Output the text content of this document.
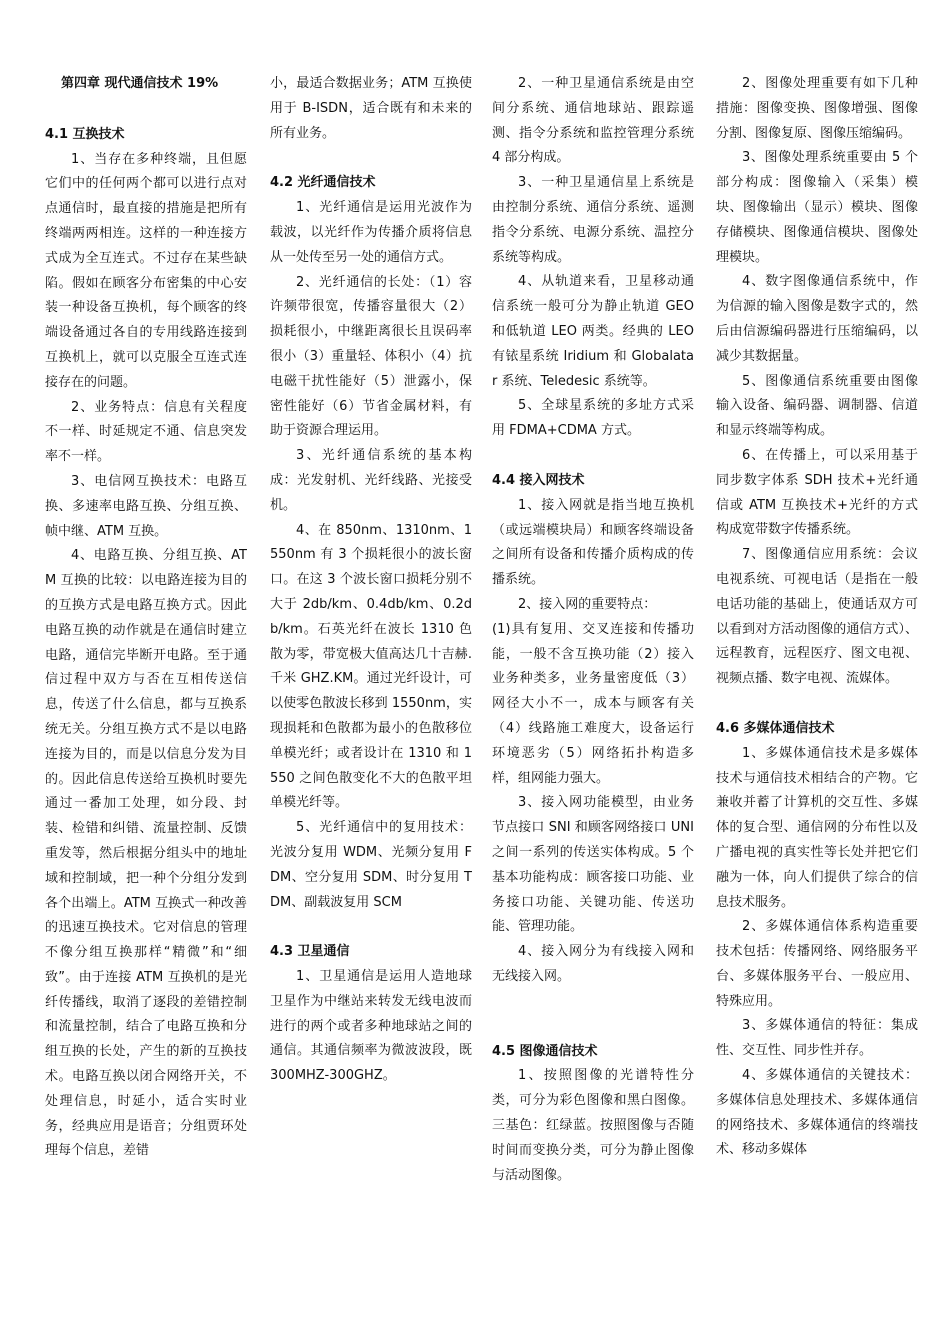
第四章 现代通信技术 19%
4.1 互换技术
1、当存在多种终端，且但愿它们中的任何两个都可以进行点对点通信时，最直接的措施是把所有终端两两相连。这样的一种连接方式成为全互连式。不过存在某些缺陷。假如在顾客分布密集的中心安装一种设备互换机，每个顾客的终端设备通过各自的专用线路连接到互换机上，就可以克服全互连式连接存在的问题。
2、业务特点：信息有关程度不一样、时延规定不通、信息突发率不一样。
3、电信网互换技术：电路互换、多速率电路互换、分组互换、帧中继、ATM 互换。
4、电路互换、分组互换、ATM 互换的比较：以电路连接为目的的互换方式是电路互换方式。因此电路互换的动作就是在通信时建立电路，通信完毕断开电路。至于通信过程中双方与否在互相传送信息，传送了什么信息，都与互换系统无关。分组互换方式不是以电路连接为目的，而是以信息分发为目的。因此信息传送给互换机时要先通过一番加工处理，如分段、封装、检错和纠错、流量控制、反馈重发等，然后根据分组头中的地址域和控制域，把一种个分组分发到各个出端上。ATM 互换式一种改善的迅速互换技术。它对信息的管理不像分组互换那样“精微”和“细致”。由于连接 ATM 互换机的是光纤传播线，取消了逐段的差错控制和流量控制，结合了电路互换和分组互换的长处，产生的新的互换技术。电路互换以闭合网络开关，不处理信息，时延小，适合实时业务，经典应用是语音；分组贾环处理每个信息，差错
小，最适合数据业务；ATM 互换使用于 B-ISDN，适合既有和未来的所有业务。
4.2 光纤通信技术
1、光纤通信是运用光波作为载波，以光纤作为传播介质将信息从一处传至另一处的通信方式。
2、光纤通信的长处：（1）容许频带很宽，传播容量很大（2）损耗很小，中继距离很长且误码率很小（3）重量轻、体积小（4）抗电磁干扰性能好（5）泄露小，保密性能好（6）节省金属材料，有助于资源合理运用。
3、光纤通信系统的基本构成：光发射机、光纤线路、光接受机。
4、在 850nm、1310nm、1550nm 有 3 个损耗很小的波长窗口。在这 3 个波长窗口损耗分别不大于 2db/km、0.4db/km、0.2db/km。石英光纤在波长 1310 色散为零，带宽极大值高达几十吉赫.千米 GHZ.KM。通过光纤设计，可以使零色散波长移到 1550nm，实现损耗和色散都为最小的色散移位单模光纤；或者设计在 1310 和 1550 之间色散变化不大的色散平坦单模光纤等。
5、光纤通信中的复用技术：光波分复用 WDM、光频分复用 FDM、空分复用 SDM、时分复用 TDM、副载波复用 SCM
4.3 卫星通信
1、卫星通信是运用人造地球卫星作为中继站来转发无线电波而进行的两个或者多种地球站之间的通信。其通信频率为微波波段，既 300MHZ-300GHZ。
2、一种卫星通信系统是由空间分系统、通信地球站、跟踪遥测、指令分系统和监控管理分系统 4 部分构成。
3、一种卫星通信星上系统是由控制分系统、通信分系统、遥测指令分系统、电源分系统、温控分系统等构成。
4、从轨道来看，卫星移动通信系统一般可分为静止轨道 GEO 和低轨道 LEO 两类。经典的 LEO 有铱星系统 Iridium 和 Globalatar 系统、Teledesic 系统等。
5、全球星系统的多址方式采用 FDMA+CDMA 方式。
4.4 接入网技术
1、接入网就是指当地互换机（或远端模块局）和顾客终端设备之间所有设备和传播介质构成的传播系统。
2、接入网的重要特点：
(1)具有复用、交叉连接和传播功能，一般不含互换功能（2）接入业务种类多，业务量密度低（3）网径大小不一，成本与顾客有关（4）线路施工难度大，设备运行环境恶劣（5）网络拓扑构造多样，组网能力强大。
3、接入网功能模型，由业务节点接口 SNI 和顾客网络接口 UNI 之间一系列的传送实体构成。5 个基本功能构成：顾客接口功能、业务接口功能、关键功能、传送功能、管理功能。
4、接入网分为有线接入网和无线接入网。
4.5 图像通信技术
1、按照图像的光谱特性分类，可分为彩色图像和黑白图像。三基色：红绿蓝。按照图像与否随时间而变换分类，可分为静止图像与活动图像。
2、图像处理重要有如下几种措施：图像变换、图像增强、图像分割、图像复原、图像压缩编码。
3、图像处理系统重要由 5 个部分构成：图像输入（采集）模块、图像输出（显示）模块、图像存储模块、图像通信模块、图像处理模块。
4、数字图像通信系统中，作为信源的输入图像是数字式的，然后由信源编码器进行压缩编码，以减少其数据量。
5、图像通信系统重要由图像输入设备、编码器、调制器、信道和显示终端等构成。
6、在传播上，可以采用基于同步数字体系 SDH 技术+光纤通信或 ATM 互换技术+光纤的方式构成宽带数字传播系统。
7、图像通信应用系统：会议电视系统、可视电话（是指在一般电话功能的基础上，使通话双方可以看到对方活动图像的通信方式）、远程教育，远程医疗、图文电视、视频点播、数字电视、流媒体。
4.6 多媒体通信技术
1、多媒体通信技术是多媒体技术与通信技术相结合的产物。它兼收并蓄了计算机的交互性、多媒体的复合型、通信网的分布性以及广播电视的真实性等长处并把它们融为一体，向人们提供了综合的信息技术服务。
2、多媒体通信体系构造重要技术包括：传播网络、网络服务平台、多媒体服务平台、一般应用、特殊应用。
3、多媒体通信的特征：集成性、交互性、同步性并存。
4、多媒体通信的关键技术：多媒体信息处理技术、多媒体通信的网络技术、多媒体通信的终端技术、移动多媒体
